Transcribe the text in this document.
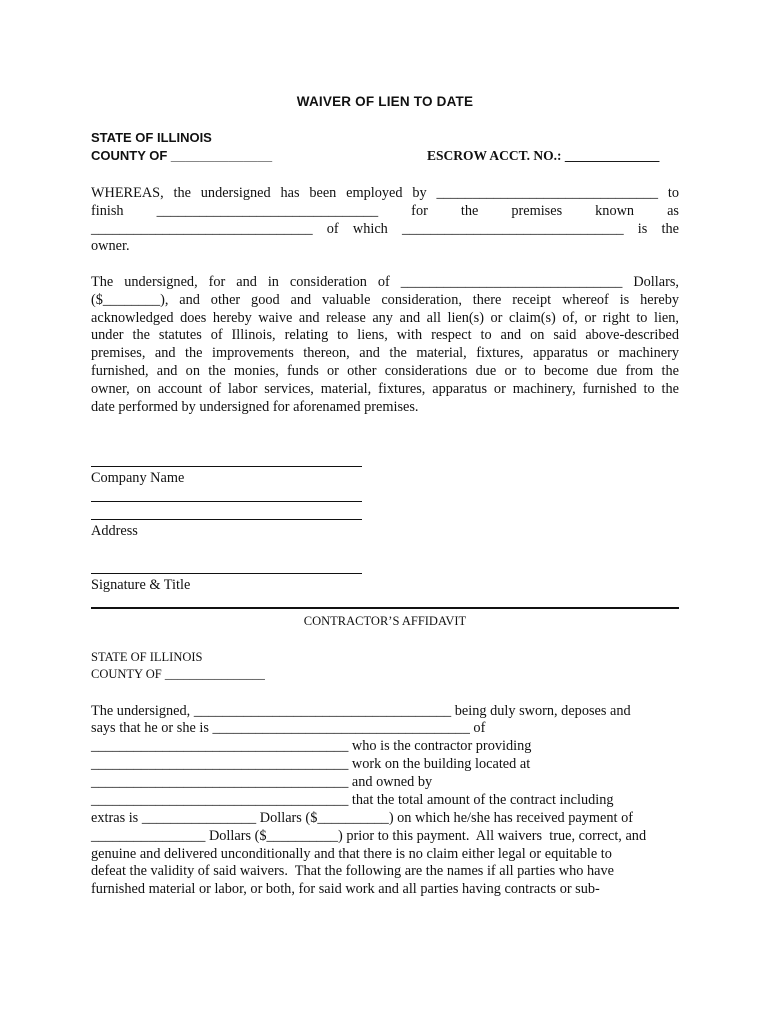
WAIVER OF LIEN TO DATE
STATE OF ILLINOIS
COUNTY OF ______________	ESCROW ACCT. NO.: ______________
WHEREAS, the undersigned has been employed by _______________________________ to
finish _______________________________ for the premises known as
_______________________________ of which _______________________________ is the
owner.
The undersigned, for and in consideration of _______________________________ Dollars,
($________), and other good and valuable consideration, there receipt whereof is hereby
acknowledged does hereby waive and release any and all lien(s) or claim(s) of, or right to lien,
under the statutes of Illinois, relating to liens, with respect to and on said above-described
premises, and the improvements thereon, and the material, fixtures, apparatus or machinery
furnished, and on the monies, funds or other considerations due or to become due from the
owner, on account of labor services, material, fixtures, apparatus or machinery, furnished to the
date performed by undersigned for aforenamed premises.
Company Name
Address
Signature & Title
CONTRACTOR’S AFFIDAVIT
STATE OF ILLINOIS
COUNTY OF ________________
The undersigned, ____________________________________ being duly sworn, deposes and
says that he or she is ____________________________________ of
____________________________________ who is the contractor providing
____________________________________ work on the building located at
____________________________________ and owned by
____________________________________ that the total amount of the contract including
extras is ________________ Dollars ($__________) on which he/she has received payment of
________________ Dollars ($__________) prior to this payment.  All waivers  true, correct, and
genuine and delivered unconditionally and that there is no claim either legal or equitable to
defeat the validity of said waivers.  That the following are the names if all parties who have
furnished material or labor, or both, for said work and all parties having contracts or sub-
